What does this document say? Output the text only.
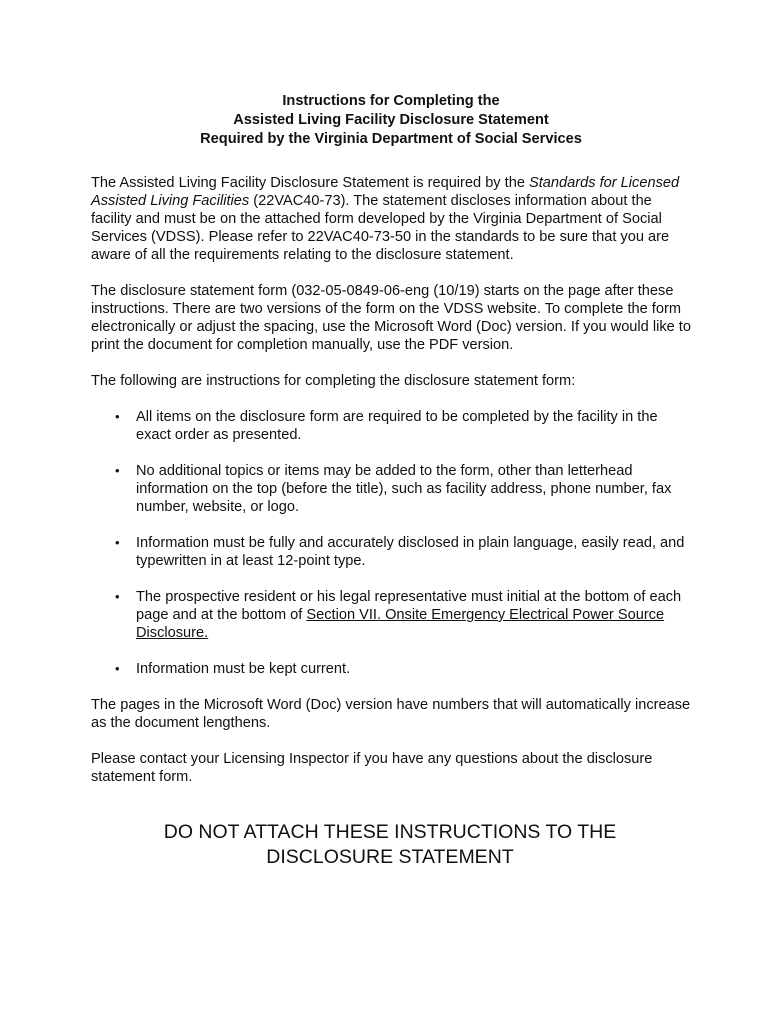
Instructions for Completing the
Assisted Living Facility Disclosure Statement
Required by the Virginia Department of Social Services

The Assisted Living Facility Disclosure Statement is required by the Standards for Licensed Assisted Living Facilities (22VAC40-73). The statement discloses information about the facility and must be on the attached form developed by the Virginia Department of Social Services (VDSS). Please refer to 22VAC40-73-50 in the standards to be sure that you are aware of all the requirements relating to the disclosure statement.

The disclosure statement form (032-05-0849-06-eng (10/19) starts on the page after these instructions. There are two versions of the form on the VDSS website. To complete the form electronically or adjust the spacing, use the Microsoft Word (Doc) version. If you would like to print the document for completion manually, use the PDF version.

The following are instructions for completing the disclosure statement form:

• All items on the disclosure form are required to be completed by the facility in the exact order as presented.
• No additional topics or items may be added to the form, other than letterhead information on the top (before the title), such as facility address, phone number, fax number, website, or logo.
• Information must be fully and accurately disclosed in plain language, easily read, and typewritten in at least 12-point type.
• The prospective resident or his legal representative must initial at the bottom of each page and at the bottom of Section VII. Onsite Emergency Electrical Power Source Disclosure.
• Information must be kept current.

The pages in the Microsoft Word (Doc) version have numbers that will automatically increase as the document lengthens.

Please contact your Licensing Inspector if you have any questions about the disclosure statement form.

DO NOT ATTACH THESE INSTRUCTIONS TO THE
DISCLOSURE STATEMENT
